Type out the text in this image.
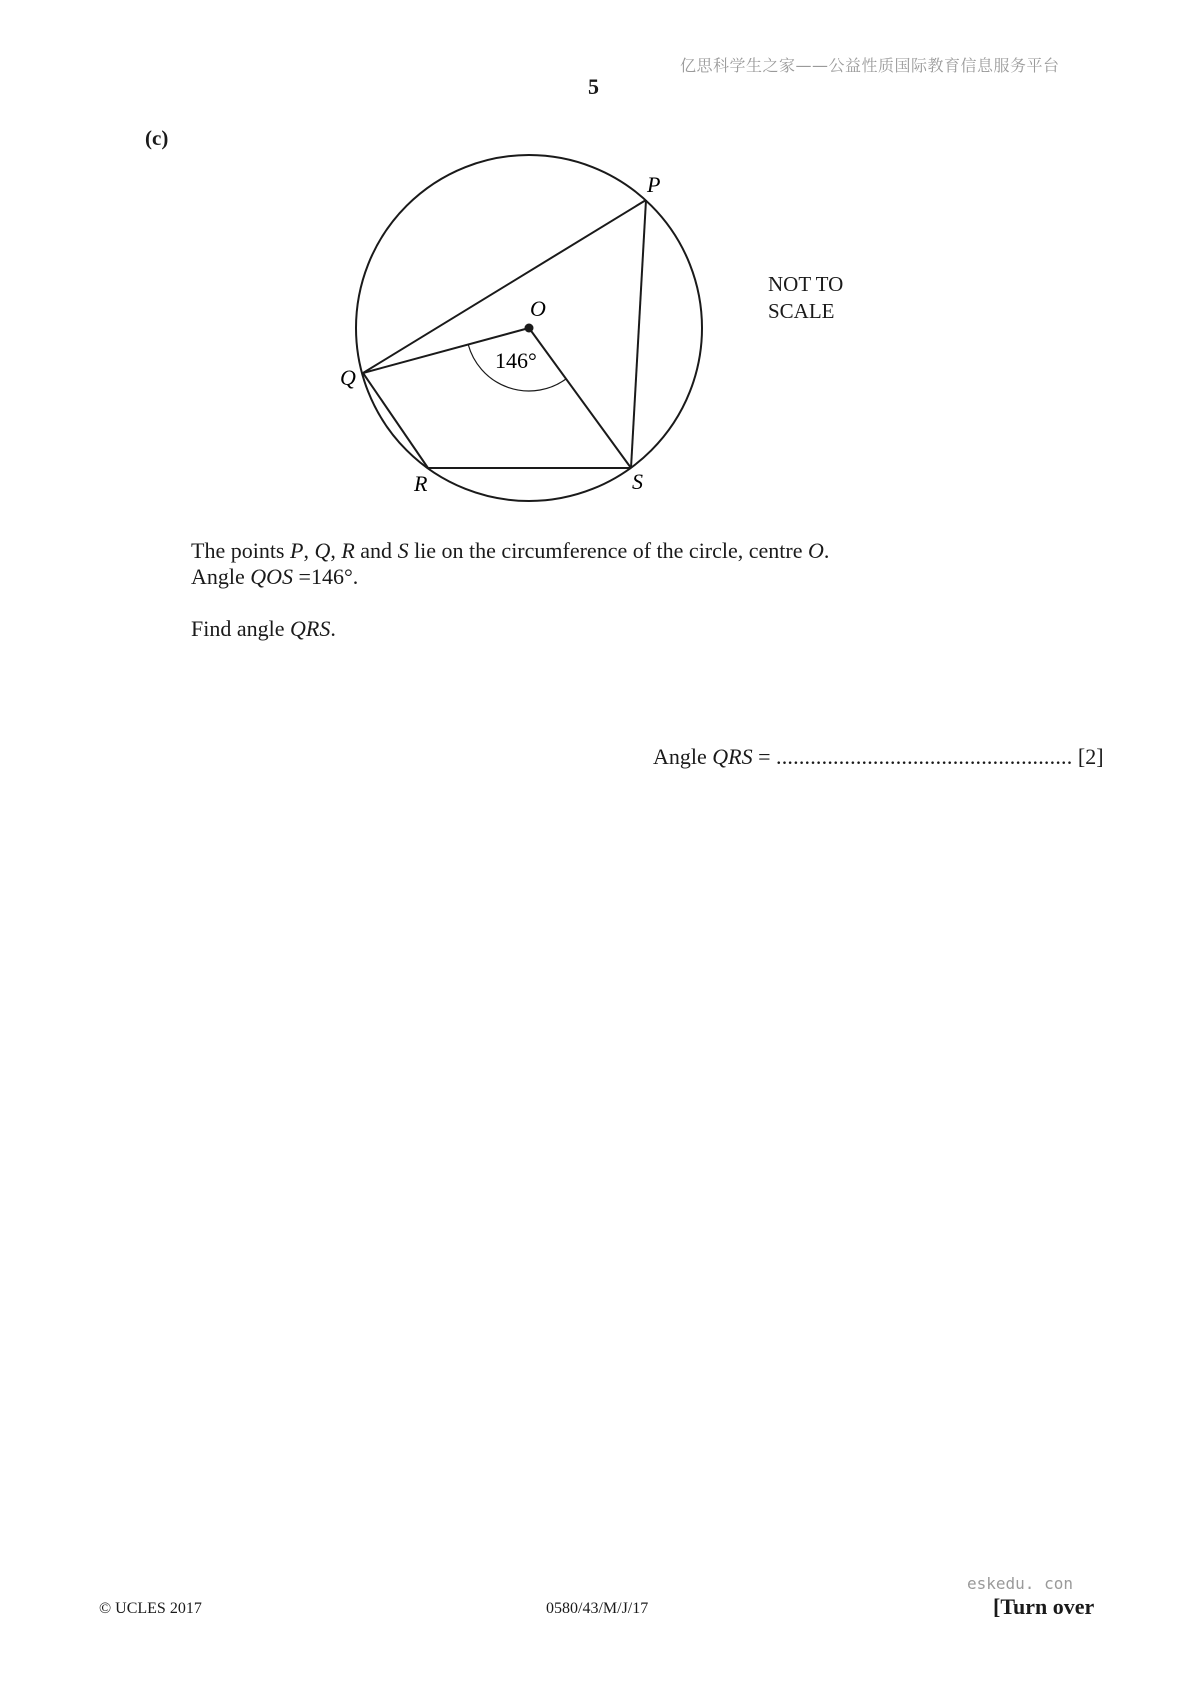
亿思科学生之家——公益性质国际教育信息服务平台
5
(c)
P
O
Q
R	S
146°
NOT TO
SCALE
The points P, Q, R and S lie on the circumference of the circle, centre O.
Angle QOS =146°.
Find angle QRS.
Angle QRS = .................................................... [2]
eskedu. con
© UCLES 2017	0580/43/M/J/17	[Turn over
